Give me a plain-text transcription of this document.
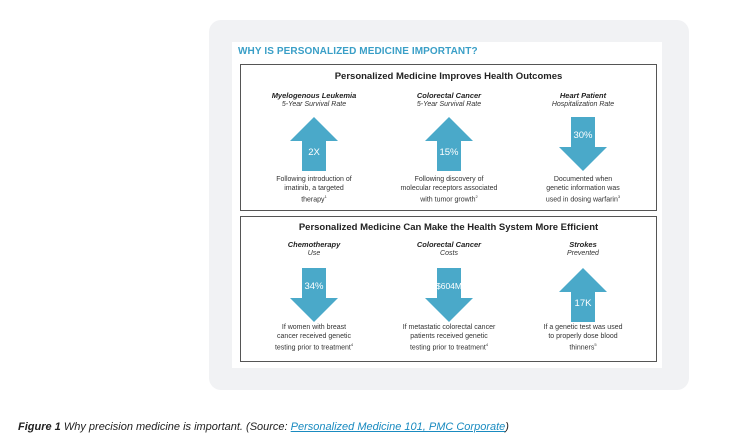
WHY IS PERSONALIZED MEDICINE IMPORTANT?
Personalized Medicine Improves Health Outcomes
Personalized Medicine Can Make the Health System More Efficient
Myelogenous Leukemia
5-Year Survival Rate
2X
Following introduction of
imatinib, a targeted
therapy$^1$
Colorectal Cancer
5-Year Survival Rate
15%
Following discovery of
molecular receptors associated
with tumor growth$^2$
Heart Patient
Hospitalization Rate
30%
Documented when
genetic information was
used in dosing warfarin$^3$
Chemotherapy
Use
34%
If women with breast
cancer received genetic
testing prior to treatment$^4$
Colorectal Cancer
Costs
$604M
If metastatic colorectal cancer
patients received genetic
testing prior to treatment$^4$
Strokes
Prevented
17K
If a genetic test was used
to properly dose blood
thinners$^5$
Figure 1 Why precision medicine is important. (Source: Personalized Medicine 101, PMC Corporate)
